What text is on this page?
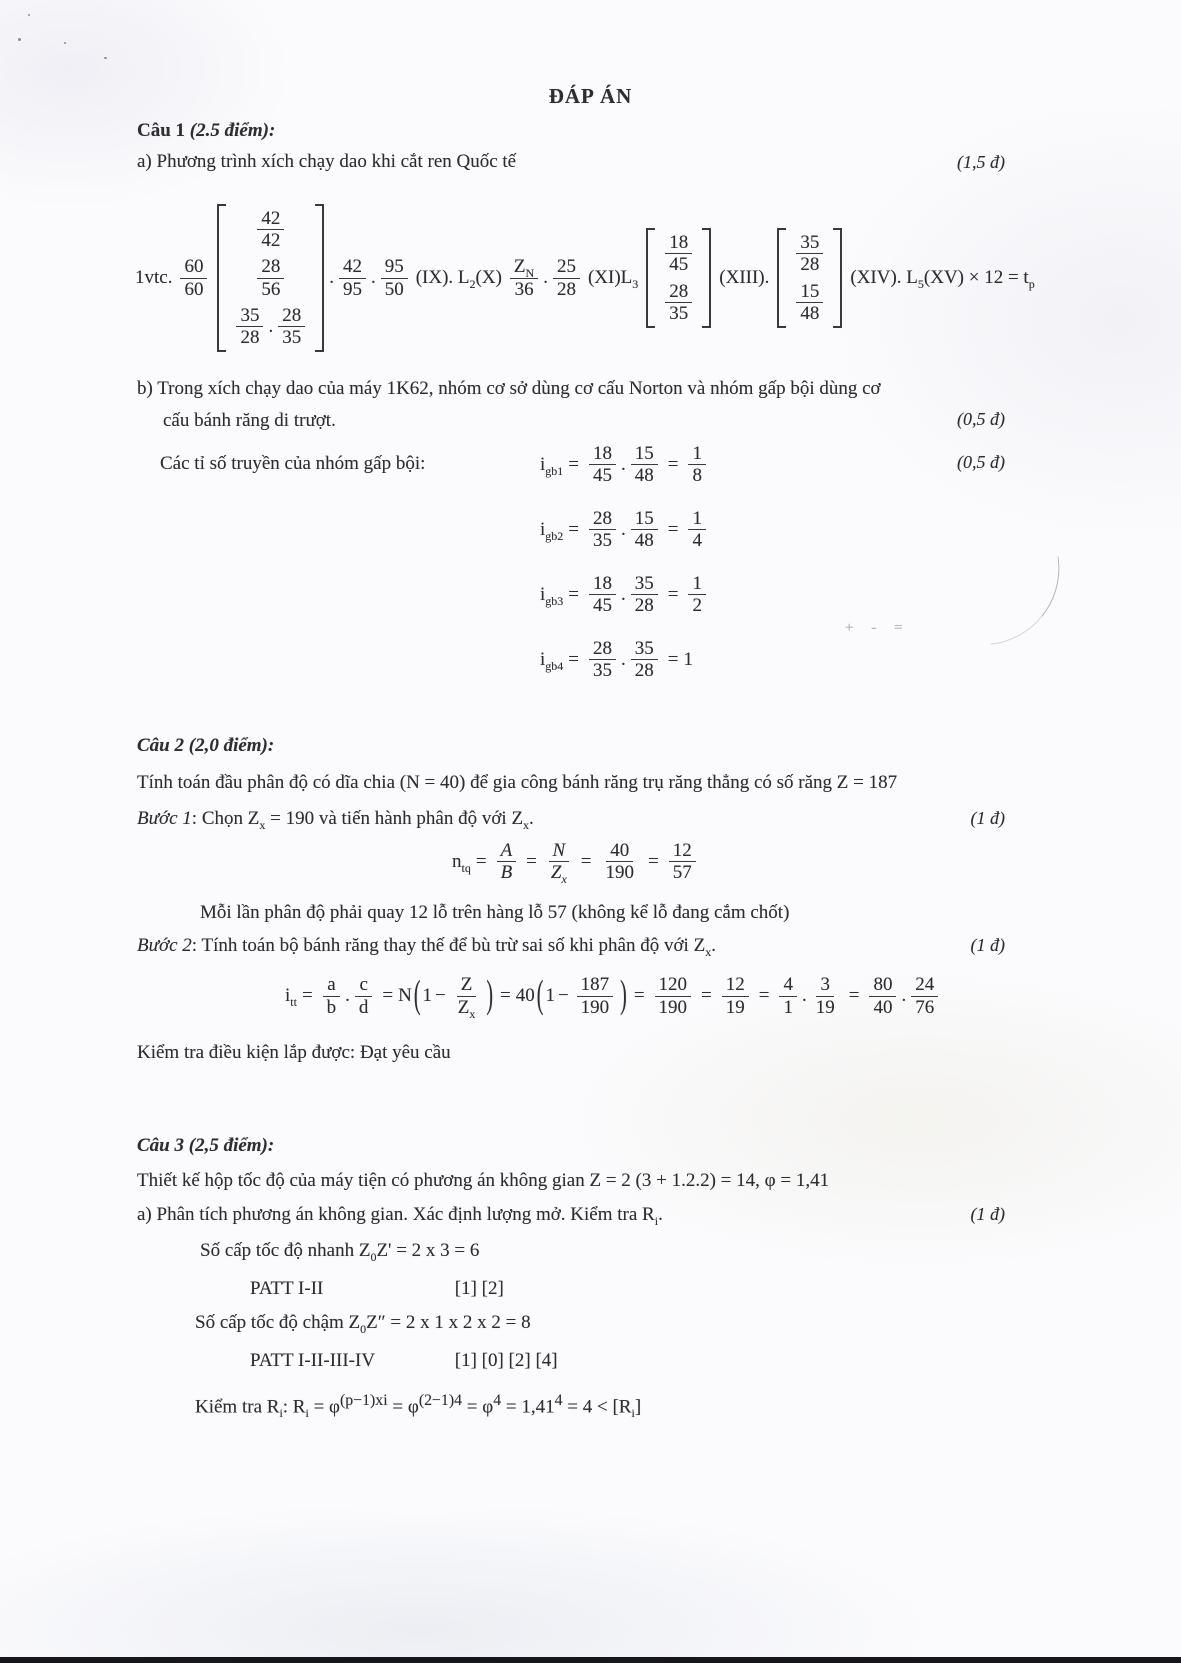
+ - =
ĐÁP ÁN
Câu 1 (2.5 điểm):
a) Phương trình xích chạy dao khi cắt ren Quốc tế	(1,5 đ)
1vtc. $\frac{60}{60}$
$\frac{42}{42}$
$\frac{28}{56}$
$\frac{35}{28}$ . $\frac{28}{35}$
. $\frac{42}{95}$ . $\frac{95}{50} (IX)$. $L_2(X) \frac{Z_N}{36}$ . $\frac{25}{28} (XI)L_3$
$\frac{18}{45}$
$\frac{28}{35}$
(XIII).
$\frac{35}{28}$
$\frac{15}{48}$
(XIV). $L_5(XV) \times 12 = t_p$
b) Trong xích chạy dao của máy 1K62, nhóm cơ sở dùng cơ cấu Norton và nhóm gấp bội dùng cơ
cấu bánh răng di trượt.	(0,5 đ)
Các tỉ số truyền của nhóm gấp bội:	(0,5 đ)
$i_{gb1} = \frac{18}{45}$ . $\frac{15}{48} = \frac{1}{8}$
$i_{gb2} = \frac{28}{35}$ . $\frac{15}{48} = \frac{1}{4}$
$i_{gb3} = \frac{18}{45}$ . $\frac{35}{28} = \frac{1}{2}$
$i_{gb4} = \frac{28}{35}$ . $\frac{35}{28} = 1$
Câu 2 (2,0 điểm):
Tính toán đầu phân độ có dĩa chia (N = 40) để gia công bánh răng trụ răng thẳng có số răng Z = 187
Bước 1: Chọn $Z_x = 190$ và tiến hành phân độ với $Z_x$.	(1 đ)
$n_{tq} = \frac{A}{B} = \frac{N}{Z_x} = \frac{40}{190} = \frac{12}{57}$
Mỗi lần phân độ phải quay 12 lỗ trên hàng lỗ 57 (không kể lỗ đang cắm chốt)
Bước 2: Tính toán bộ bánh răng thay thế để bù trừ sai số khi phân độ với $Z_x$.	(1 đ)
$i_{tt} = \frac{a}{b}$ . $\frac{c}{d} = N$ ( $1 - \frac{Z}{Z_x}$ ) = 40 ( $1 - \frac{187}{190}$ ) = $\frac{120}{190} = \frac{12}{19} = \frac{4}{1}$ . $\frac{3}{19} = \frac{80}{40}$ . $\frac{24}{76}$
Kiểm tra điều kiện lắp được: Đạt yêu cầu
Câu 3 (2,5 điểm):
Thiết kế hộp tốc độ của máy tiện có phương án không gian Z = 2 (3 + 1.2.2) = 14, φ = 1,41
a) Phân tích phương án không gian. Xác định lượng mở. Kiểm tra $R_i$.	(1 đ)
Số cấp tốc độ nhanh $Z_0Z' = 2$ x 3 = 6
PATT I-II	[1] [2]
Số cấp tốc độ chậm $Z_0Z'' = 2$ x 1 x 2 x 2 = 8
PATT I-II-III-IV	[1] [0] [2] [4]
Kiểm tra $R_i$: $R_i = \varphi^{(p-1)xi} = \varphi^{(2-1)4} = \varphi^4 = 1,41^4 = 4 < [R_i]$
